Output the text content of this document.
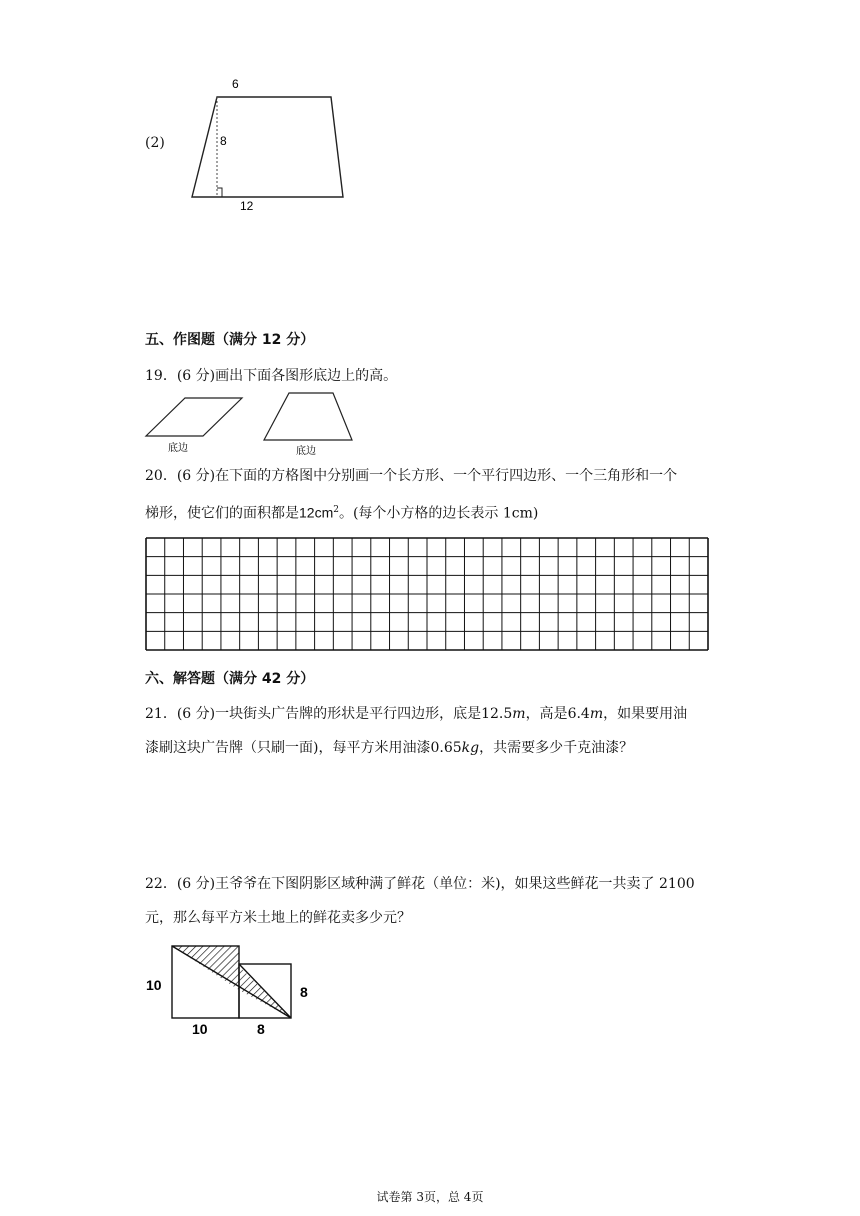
(2)
6
8
12
五、作图题（满分 12 分）
19．(6 分)画出下面各图形底边上的高。
底边	底边
20．(6 分)在下面的方格图中分别画一个长方形、一个平行四边形、一个三角形和一个
梯形，使它们的面积都是$12cm^2$。(每个小方格的边长表示 1cm)
六、解答题（满分 42 分）
21．(6 分)一块街头广告牌的形状是平行四边形，底是12.5m，高是6.4m，如果要用油
漆刷这块广告牌（只刷一面)，每平方米用油漆0.65kg，共需要多少千克油漆？
22．(6 分)王爷爷在下图阴影区域种满了鲜花（单位：米)，如果这些鲜花一共卖了 2100
元，那么每平方米土地上的鲜花卖多少元？
10
10	8
8
试卷第 3页，总 4页
